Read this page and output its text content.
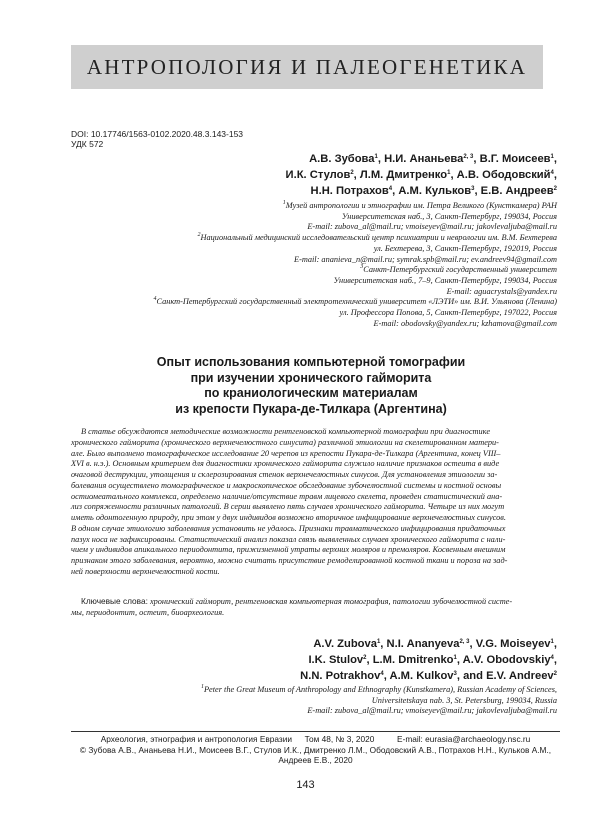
АНТРОПОЛОГИЯ И ПАЛЕОГЕНЕТИКА
DOI: 10.17746/1563-0102.2020.48.3.143-153
УДК 572
А.В. Зубова$^1$, Н.И. Ананьева$^{2, 3}$, В.Г. Моисеев$^1$,
И.К. Стулов$^2$, Л.М. Дмитренко$^1$, А.В. Ободовский$^4$,
Н.Н. Потрахов$^4$, А.М. Кульков$^3$, Е.В. Андреев$^2$
$^1$Музей антропологии и этнографии им. Петра Великого (Кунсткамера) РАН
Университетская наб., 3, Санкт-Петербург, 199034, Россия
E-mail: zubova_al@mail.ru; vmoiseyev@mail.ru; jakovlevaljuba@mail.ru
$^2$Национальный медицинский исследовательский центр психиатрии и неврологии им. В.М. Бехтерева
ул. Бехтерева, 3, Санкт-Петербург, 192019, Россия
E-mail: ananieva_n@mail.ru; symrak.spb@mail.ru; ev.andreev94@gmail.com
$^3$Санкт-Петербургский государственный университет
Университетская наб., 7–9, Санкт-Петербург, 199034, Россия
E-mail: aguacrystals@yandex.ru
$^4$Санкт-Петербургский государственный электротехнический университет «ЛЭТИ» им. В.И. Ульянова (Ленина)
ул. Профессора Попова, 5, Санкт-Петербург, 197022, Россия
E-mail: obodovsky@yandex.ru; kzhamova@gmail.com
Опыт использования компьютерной томографии
при изучении хронического гайморита
по краниологическим материалам
из крепости Пукара-де-Тилкара (Аргентина)
В статье обсуждаются методические возможности рентгеновской компьютерной томографии при диагностике
хронического гайморита (хронического верхнечелюстного синусита) различной этиологии на скелетированном матери-
але. Было выполнено томографическое исследование 20 черепов из крепости Пукара-де-Тилкара (Аргентина, конец VIII–
XVI в. н.э.). Основным критерием для диагностики хронического гайморита служило наличие признаков остеита в виде
очаговой деструкции, утолщения и склерозирования стенок верхнечелюстных синусов. Для установления этиологии за-
болевания осуществлено томографическое и макроскопическое обследование зубочелюстной системы и костной основы
остиомеатального комплекса, определено наличие/отсутствие травм лицевого скелета, проведен статистический ана-
лиз сопряженности различных патологий. В серии выявлено пять случаев хронического гайморита. Четыре из них могут
иметь одонтогенную природу, при этом у двух индивидов возможно вторичное инфицирование верхнечелюстных синусов.
В одном случае этиологию заболевания установить не удалось. Признаки травматического инфицирования придаточных
пазух носа не зафиксированы. Статистический анализ показал связь выявленных случаев хронического гайморита с нали-
чием у индивидов апикального периодонтита, прижизненной утраты верхних моляров и премоляров. Косвенным внешним
признаком этого заболевания, вероятно, можно считать присутствие ремоделированной костной ткани и пороза на зад-
ней поверхности верхнечелюстной кости.
Ключевые слова: хронический гайморит, рентгеновская компьютерная томография, патологии зубочелюстной систе-
мы, периодонтит, остеит, биоархеология.
A.V. Zubova$^1$, N.I. Ananyeva$^{2, 3}$, V.G. Moiseyev$^1$,
I.K. Stulov$^2$, L.M. Dmitrenko$^1$, A.V. Obodovskiy$^4$,
N.N. Potrakhov$^4$, A.M. Kulkov$^3$, and E.V. Andreev$^2$
$^1$Peter the Great Museum of Anthropology and Ethnography (Kunstkamera), Russian Academy of Sciences,
Universitetskaya nab. 3, St. Petersburg, 199034, Russia
E-mail: zubova_al@mail.ru; vmoiseyev@mail.ru; jakovlevaljuba@mail.ru
Археология, этнография и антропология Евразии Том 48, № 3, 2020	E-mail: eurasia@archaeology.nsc.ru
© Зубова А.В., Ананьева Н.И., Моисеев В.Г., Стулов И.К., Дмитренко Л.М., Ободовский А.В., Потрахов Н.Н., Кульков А.М.,
Андреев Е.В., 2020
143
